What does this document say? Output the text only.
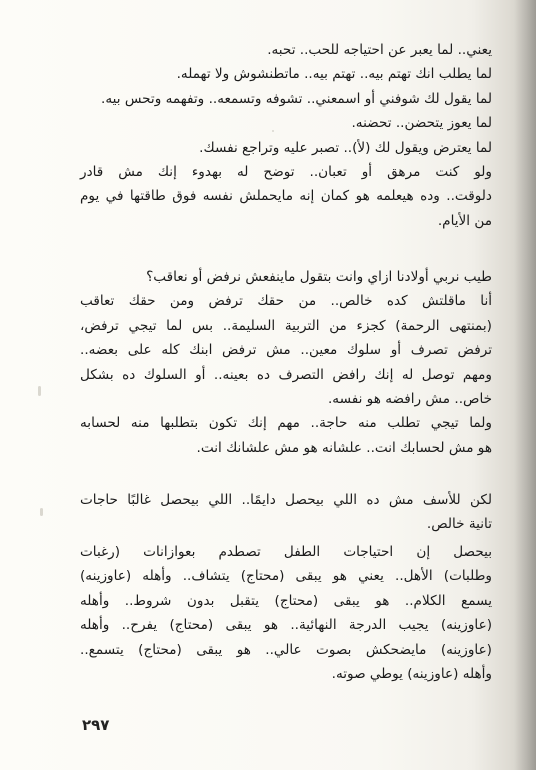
يعني.. لما يعبر عن احتياجه للحب.. تحبه.
لما يطلب انك تهتم بيه.. تهتم بيه.. ماتطنشوش ولا تهمله.
لما يقول لك شوفني أو اسمعني.. تشوفه وتسمعه.. وتفهمه وتحس بيه.
لما يعوز يتحضن.. تحضنه.
لما يعترض ويقول لك (لأ).. تصبر عليه وتراجع نفسك.
ولو كنت مرهق أو تعبان.. توضح له بهدوء إنك مش قادر
دلوقت.. وده هيعلمه هو كمان إنه مايحملش نفسه فوق طاقتها في يوم
من الأيام.
طيب نربي أولادنا ازاي وانت بتقول ماينفعش نرفض أو نعاقب؟
أنا ماقلتش كده خالص.. من حقك ترفض ومن حقك تعاقب
(بمنتهى الرحمة) كجزء من التربية السليمة.. بس لما تيجي ترفض،
ترفض تصرف أو سلوك معين.. مش ترفض ابنك كله على بعضه..
ومهم توصل له إنك رافض التصرف ده بعينه.. أو السلوك ده بشكل
خاص.. مش رافضه هو نفسه.
ولما تيجي تطلب منه حاجة.. مهم إنك تكون بتطلبها منه لحسابه
هو مش لحسابك انت.. علشانه هو مش علشانك انت.
لكن للأسف مش ده اللي بيحصل دايمًا.. اللي بيحصل غالبًا حاجات
تانية خالص.
بيحصل إن احتياجات الطفل تصطدم بعوازانات (رغبات
وطلبات) الأهل.. يعني هو يبقى (محتاج) يتشاف.. وأهله (عاوزينه)
يسمع الكلام.. هو يبقى (محتاج) يتقبل بدون شروط.. وأهله
(عاوزينه) يجيب الدرجة النهائية.. هو يبقى (محتاج) يفرح.. وأهله
(عاوزينه) مايضحكش بصوت عالي.. هو يبقى (محتاج) يتسمع..
وأهله (عاوزينه) يوطي صوته.
٢٩٧
